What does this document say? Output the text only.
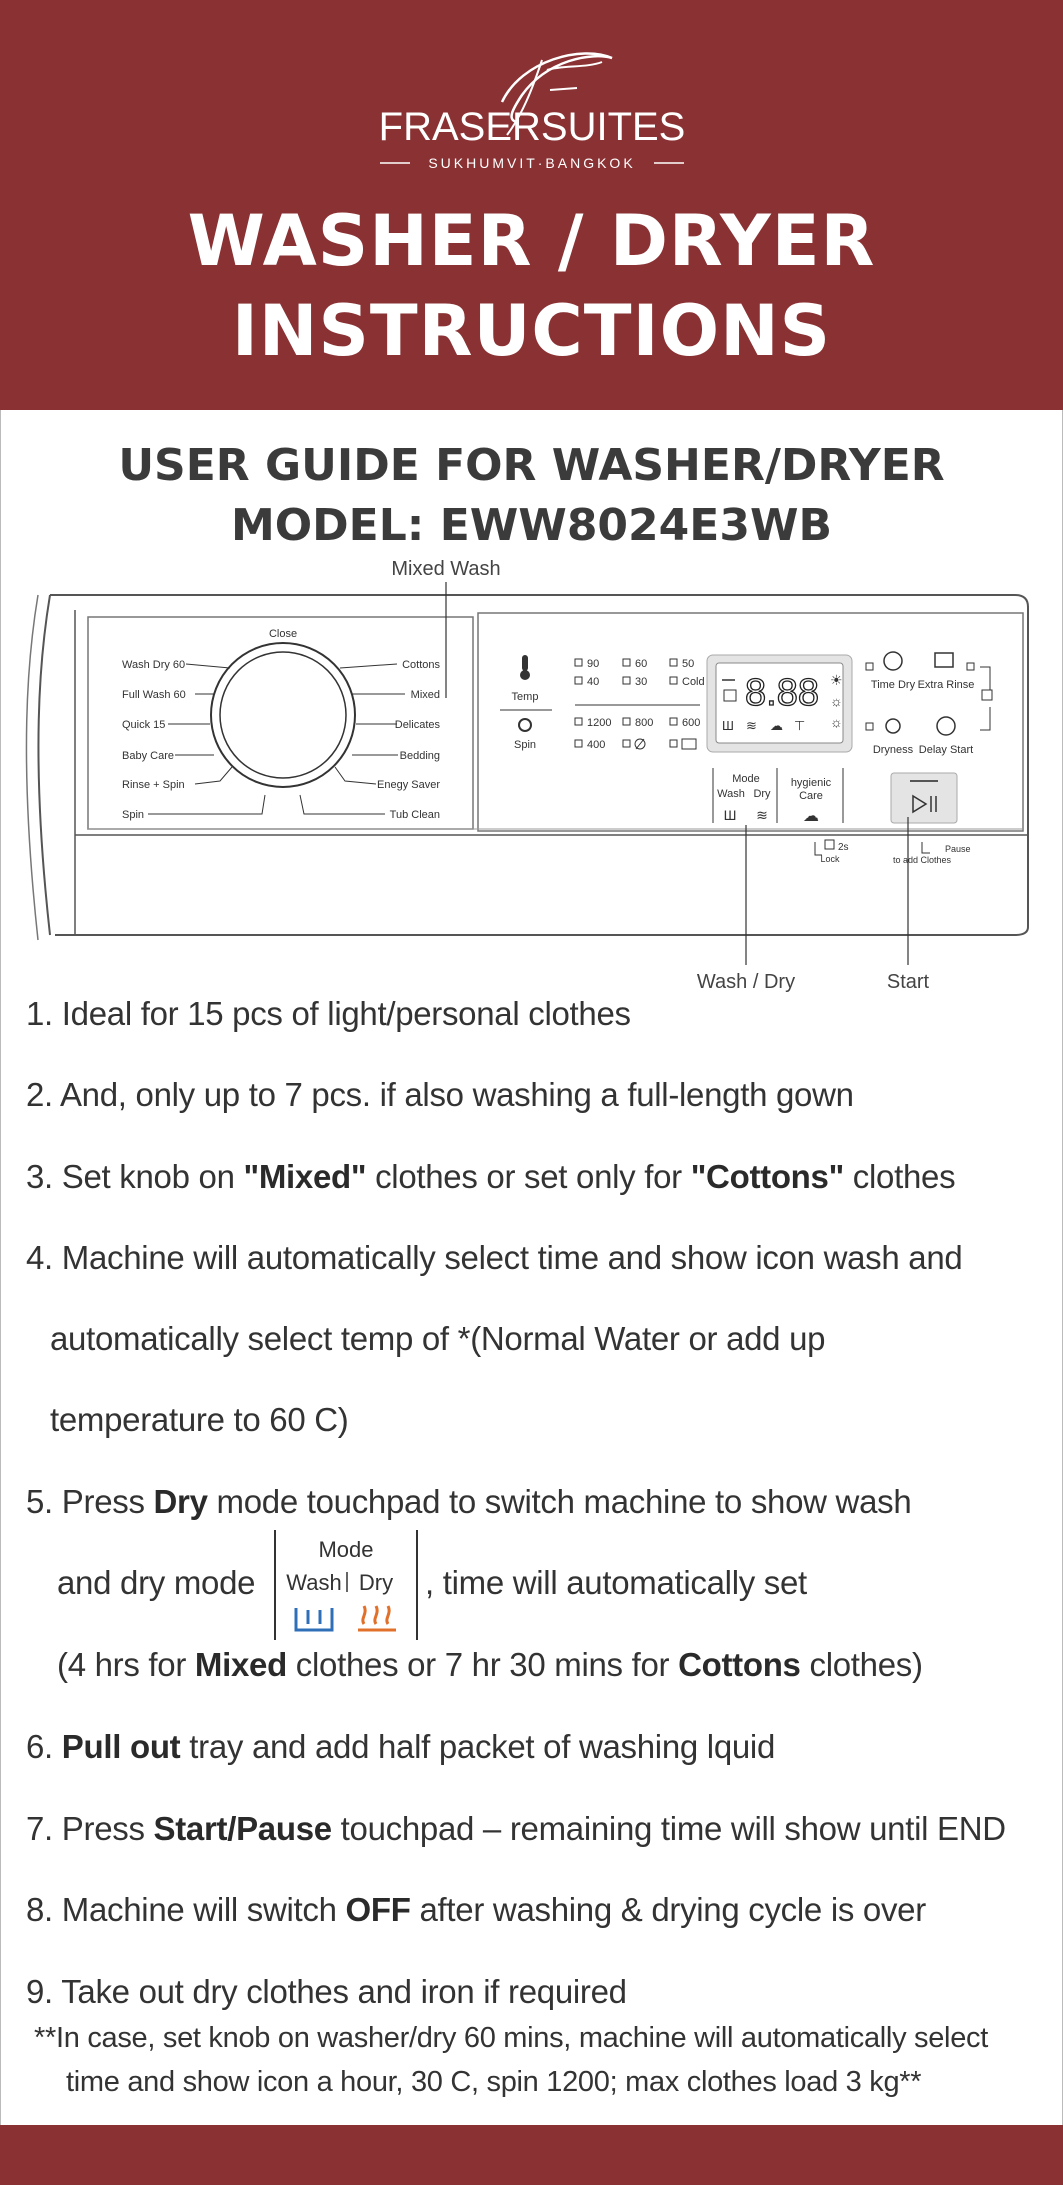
FRASERSUITES
SUKHUMVIT·BANGKOK
WASHER / DRYER
INSTRUCTIONS
USER GUIDE FOR WASHER/DRYER
MODEL: EWW8024E3WB
Close
Wash Dry 60
Full Wash 60
Quick 15
Baby Care
Rinse + Spin
Spin
Cottons
Mixed
Delicates
Bedding
Enegy Saver
Tub Clean
Mixed Wash
Temp
Spin
90	60	50
40	30	Cold
1200 800	600
400
8.88 ☀
☼
☼
Ш ≋ ☁ ⊤
Time Dry Extra Rinse
Dryness Delay Start
Mode
Wash Dry
Ш ≋
hygienic
Care
☁
2s
Lock
Pause
to add Clothes
Wash / Dry	Start
1. Ideal for 15 pcs of light/personal clothes
2. And, only up to 7 pcs. if also washing a full-length gown
3. Set knob on "Mixed" clothes or set only for "Cottons" clothes
4. Machine will automatically select time and show icon wash and
automatically select temp of *(Normal Water or add up
temperature to 60 C)
5. Press Dry mode touchpad to switch machine to show wash
and dry mode
Mode
Wash Dry , time will automatically set
(4 hrs for Mixed clothes or 7 hr 30 mins for Cottons clothes)
6. Pull out tray and add half packet of washing lquid
7. Press Start/Pause touchpad – remaining time will show until END
8. Machine will switch OFF after washing & drying cycle is over
9. Take out dry clothes and iron if required
**In case, set knob on washer/dry 60 mins, machine will automatically select
time and show icon a hour, 30 C, spin 1200; max clothes load 3 kg**
